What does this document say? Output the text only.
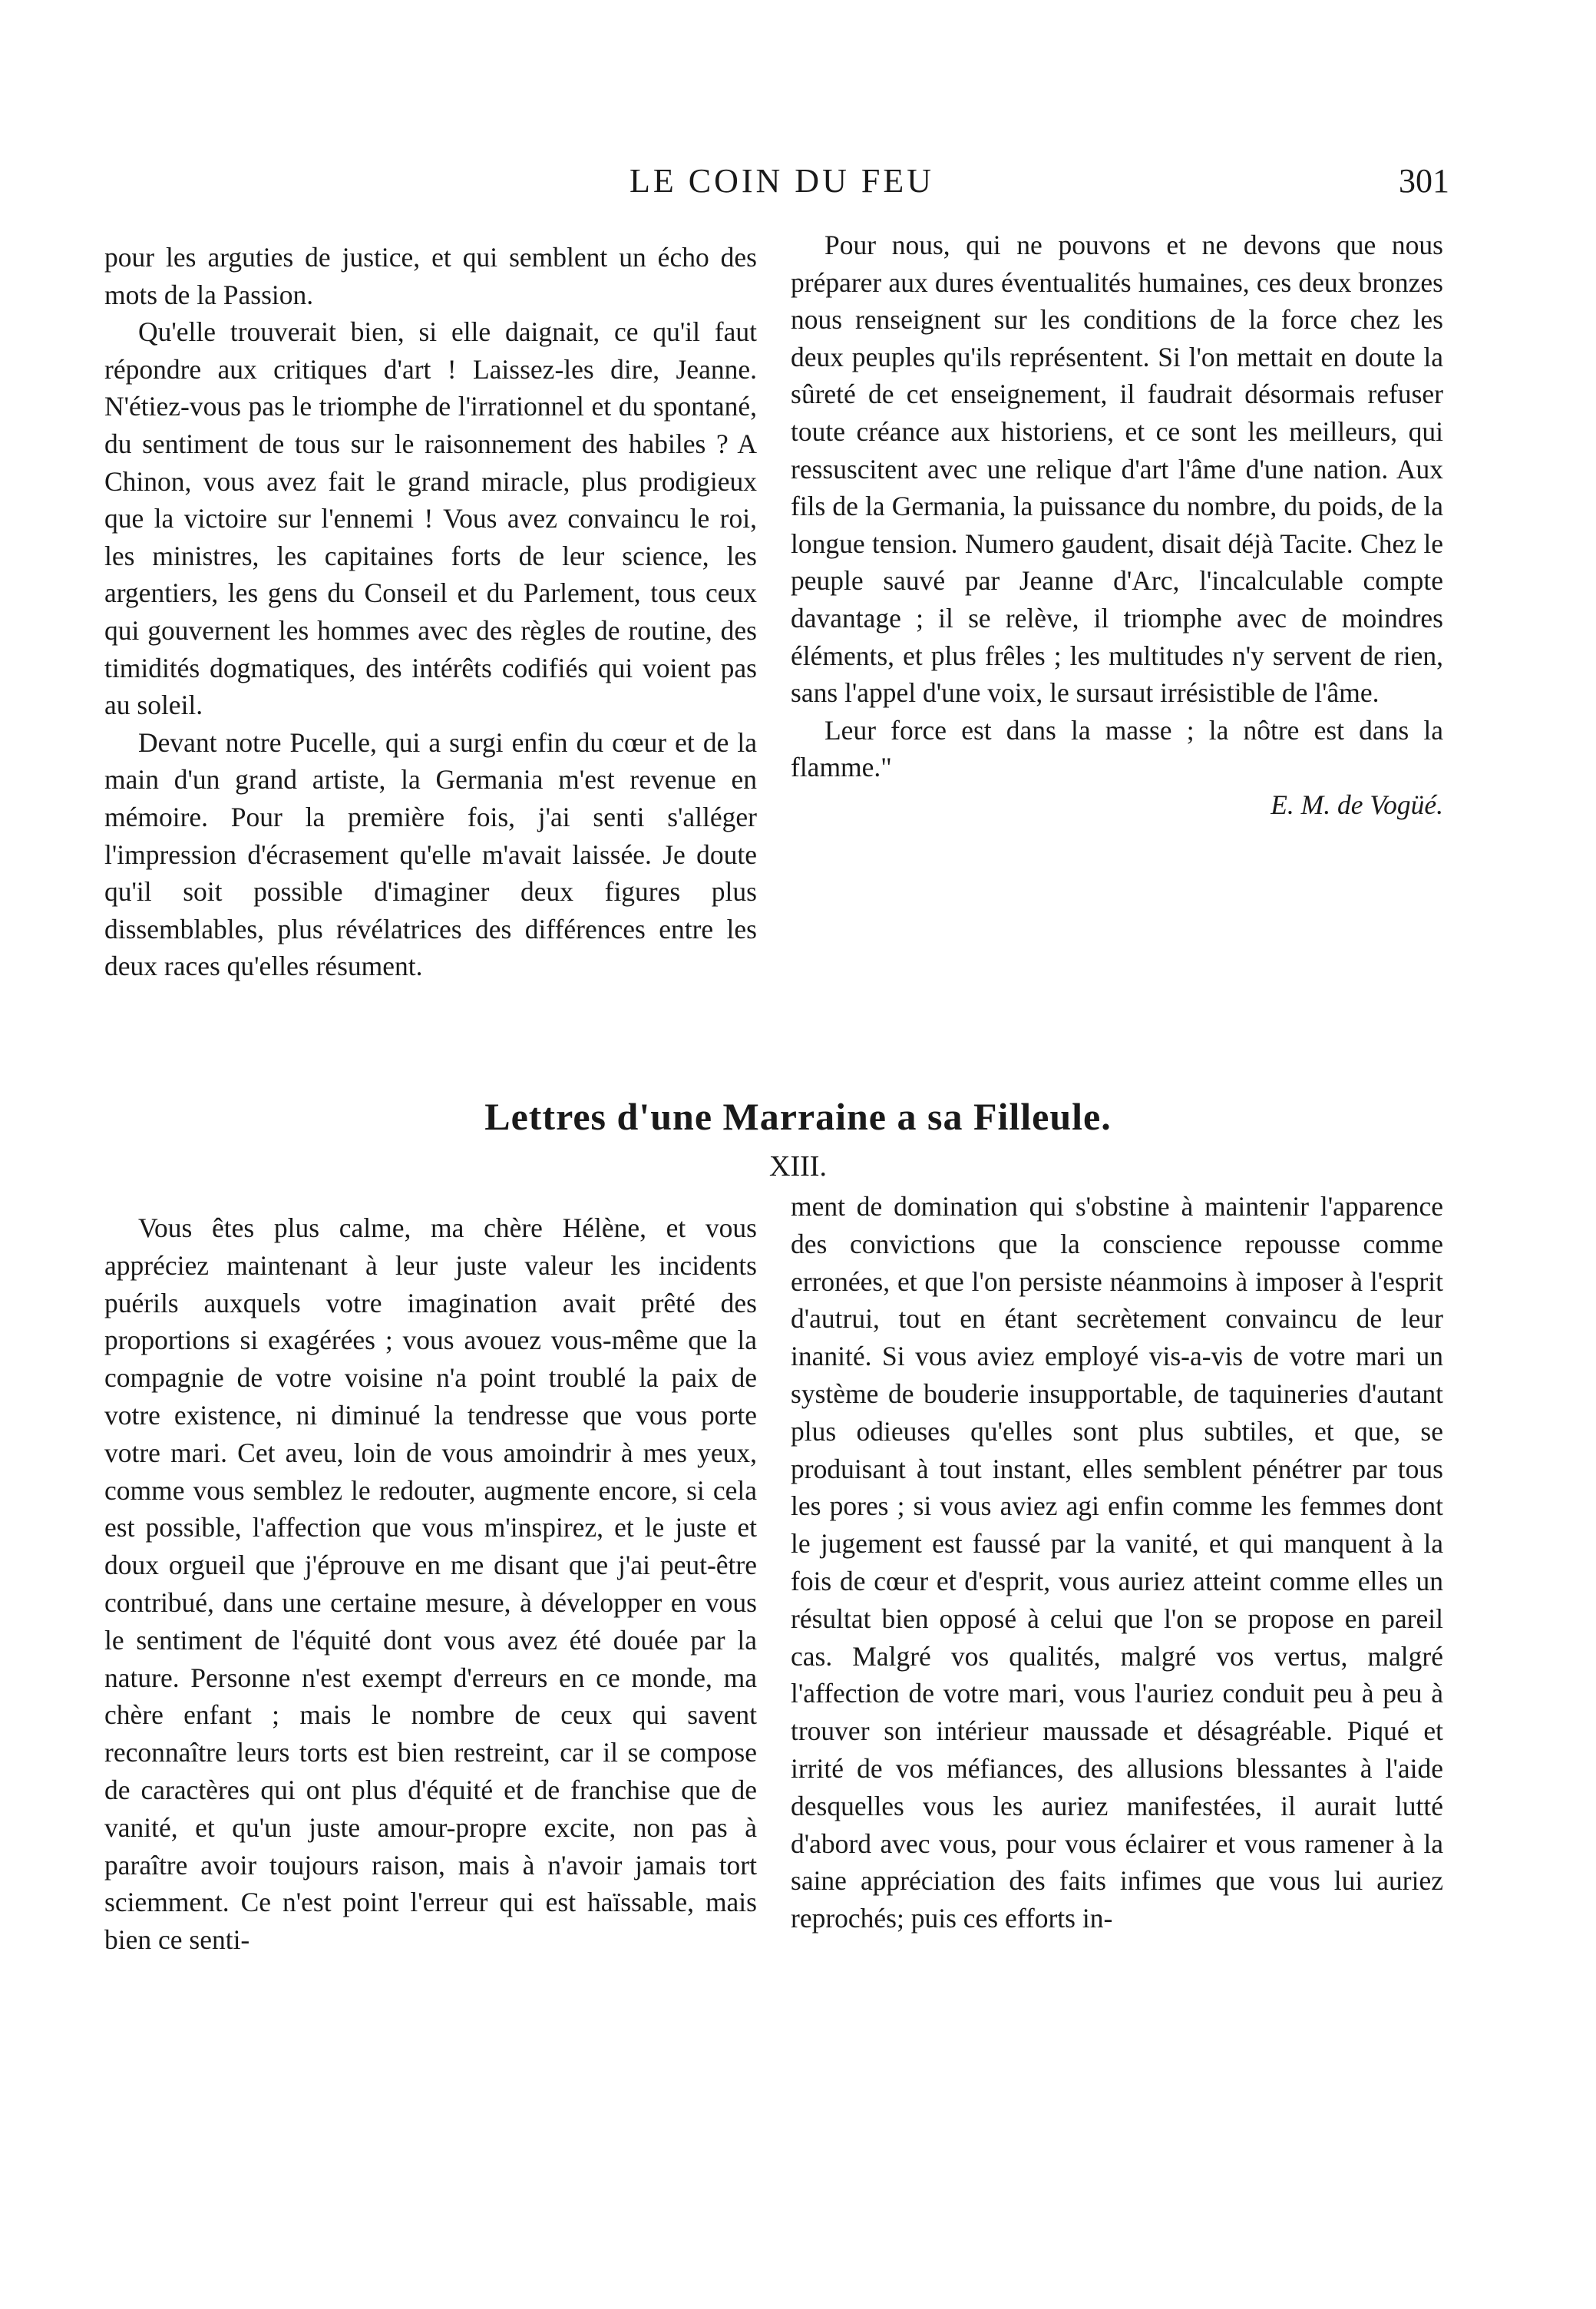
LE COIN DU FEU	301

pour les arguties de justice, et qui semblent un écho des mots de la Passion.

Qu'elle trouverait bien, si elle daignait, ce qu'il faut répondre aux critiques d'art ! Laissez-les dire, Jeanne. N'étiez-vous pas le triomphe de l'irrationnel et du spontané, du sentiment de tous sur le raisonnement des habiles ? A Chinon, vous avez fait le grand miracle, plus prodigieux que la victoire sur l'ennemi ! Vous avez convaincu le roi, les ministres, les capitaines forts de leur science, les argentiers, les gens du Conseil et du Parlement, tous ceux qui gouvernent les hommes avec des règles de routine, des timidités dogmatiques, des intérêts codifiés qui voient pas au soleil.

Devant notre Pucelle, qui a surgi enfin du cœur et de la main d'un grand artiste, la Germania m'est revenue en mémoire. Pour la première fois, j'ai senti s'alléger l'impression d'écrasement qu'elle m'avait laissée. Je doute qu'il soit possible d'imaginer deux figures plus dissemblables, plus révélatrices des différences entre les deux races qu'elles résument.

Pour nous, qui ne pouvons et ne devons que nous préparer aux dures éventualités humaines, ces deux bronzes nous renseignent sur les conditions de la force chez les deux peuples qu'ils représentent. Si l'on mettait en doute la sûreté de cet enseignement, il faudrait désormais refuser toute créance aux historiens, et ce sont les meilleurs, qui ressuscitent avec une relique d'art l'âme d'une nation. Aux fils de la Germania, la puissance du nombre, du poids, de la longue tension. Numero gaudent, disait déjà Tacite. Chez le peuple sauvé par Jeanne d'Arc, l'incalculable compte davantage ; il se relève, il triomphe avec de moindres éléments, et plus frêles ; les multitudes n'y servent de rien, sans l'appel d'une voix, le sursaut irrésistible de l'âme.

Leur force est dans la masse ; la nôtre est dans la flamme."

E. M. de Vogüé.

Lettres d'une Marraine a sa Filleule.
XIII.

Vous êtes plus calme, ma chère Hélène, et vous appréciez maintenant à leur juste valeur les incidents puérils auxquels votre imagination avait prêté des proportions si exagérées ; vous avouez vous-même que la compagnie de votre voisine n'a point troublé la paix de votre existence, ni diminué la tendresse que vous porte votre mari. Cet aveu, loin de vous amoindrir à mes yeux, comme vous semblez le redouter, augmente encore, si cela est possible, l'affection que vous m'inspirez, et le juste et doux orgueil que j'éprouve en me disant que j'ai peut-être contribué, dans une certaine mesure, à développer en vous le sentiment de l'équité dont vous avez été douée par la nature. Personne n'est exempt d'erreurs en ce monde, ma chère enfant ; mais le nombre de ceux qui savent reconnaître leurs torts est bien restreint, car il se compose de caractères qui ont plus d'équité et de franchise que de vanité, et qu'un juste amour-propre excite, non pas à paraître avoir toujours raison, mais à n'avoir jamais tort sciemment. Ce n'est point l'erreur qui est haïssable, mais bien ce senti-

ment de domination qui s'obstine à maintenir l'apparence des convictions que la conscience repousse comme erronées, et que l'on persiste néanmoins à imposer à l'esprit d'autrui, tout en étant secrètement convaincu de leur inanité. Si vous aviez employé vis-a-vis de votre mari un système de bouderie insupportable, de taquineries d'autant plus odieuses qu'elles sont plus subtiles, et que, se produisant à tout instant, elles semblent pénétrer par tous les pores ; si vous aviez agi enfin comme les femmes dont le jugement est faussé par la vanité, et qui manquent à la fois de cœur et d'esprit, vous auriez atteint comme elles un résultat bien opposé à celui que l'on se propose en pareil cas. Malgré vos qualités, malgré vos vertus, malgré l'affection de votre mari, vous l'auriez conduit peu à peu à trouver son intérieur maussade et désagréable. Piqué et irrité de vos méfiances, des allusions blessantes à l'aide desquelles vous les auriez manifestées, il aurait lutté d'abord avec vous, pour vous éclairer et vous ramener à la saine appréciation des faits infimes que vous lui auriez reprochés; puis ces efforts in-
